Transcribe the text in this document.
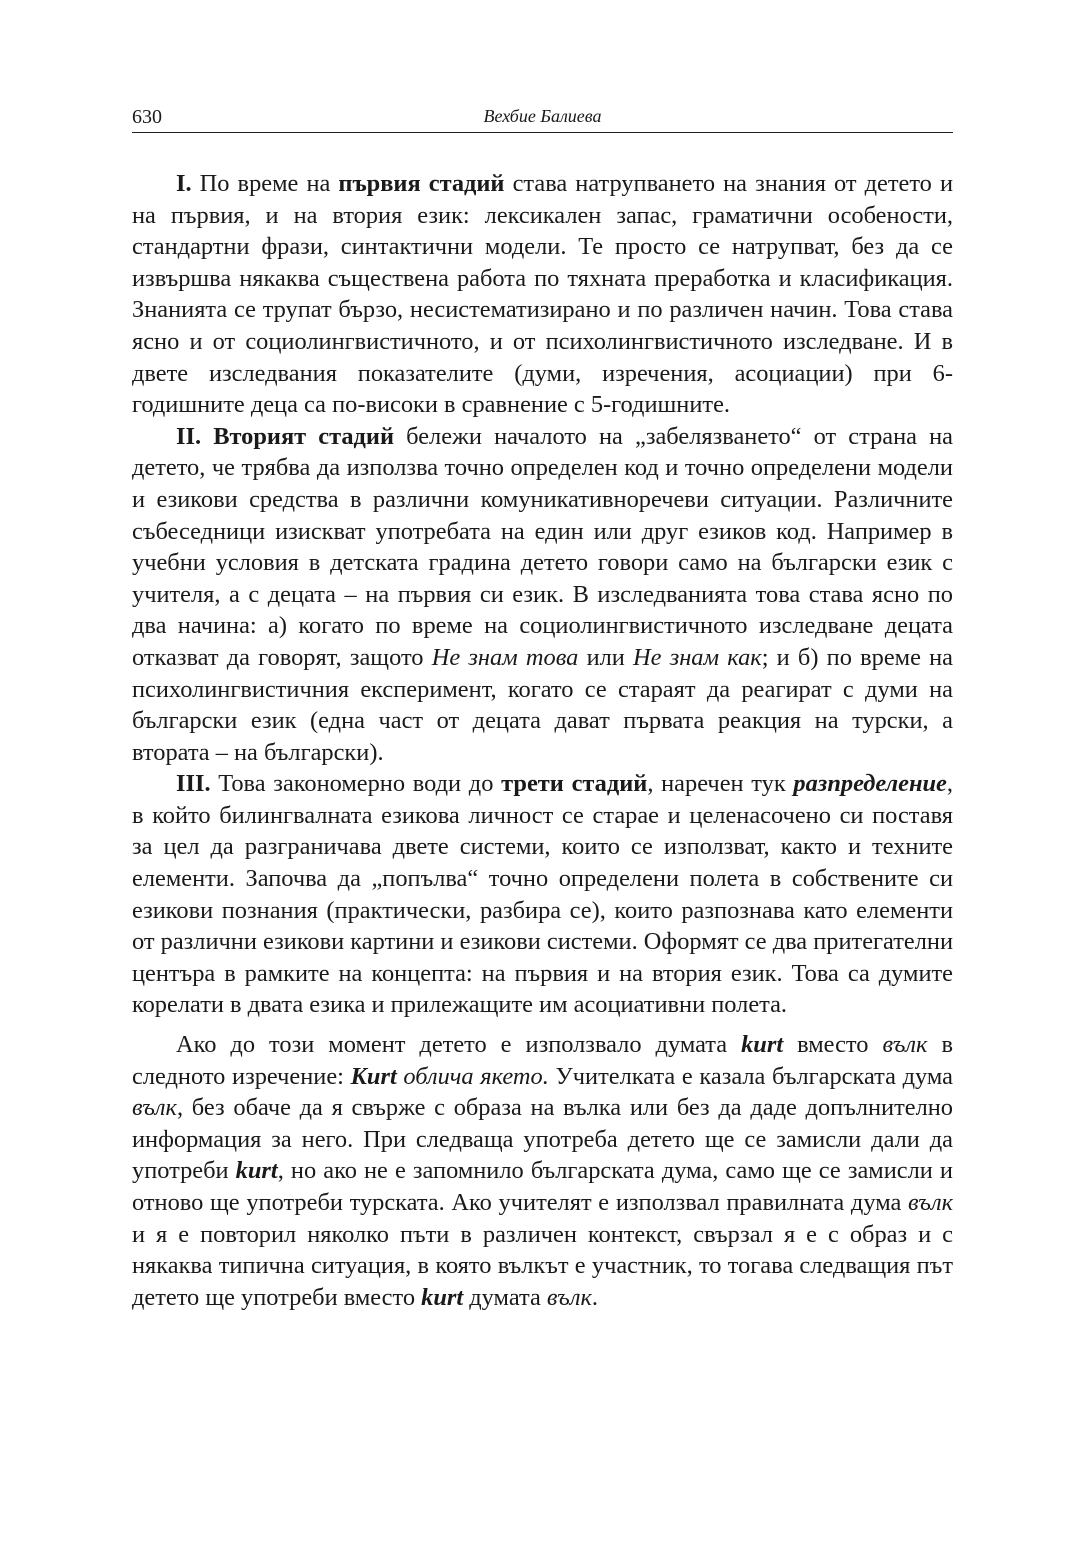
630	Вехбие Балиева

I. По време на първия стадий става натрупването на знания от детето и на първия, и на втория език: лексикален запас, граматични особености, стандартни фрази, синтактични модели. Те просто се натрупват, без да се извършва някаква съществена работа по тяхната преработка и класификация. Знанията се трупат бързо, несистематизирано и по различен начин. Това става ясно и от социолингвистичното, и от психолингвистичното изследване. И в двете изследвания показателите (думи, изречения, асоциации) при 6-годишните деца са по-високи в сравнение с 5-годишните.

II. Вторият стадий бележи началото на „забелязването“ от страна на детето, че трябва да използва точно определен код и точно определени модели и езикови средства в различни комуникативноречеви ситуации. Различните събеседници изискват употребата на един или друг езиков код. Например в учебни условия в детската градина детето говори само на български език с учителя, а с децата – на първия си език. В изследванията това става ясно по два начина: а) когато по време на социолингвистичното изследване децата отказват да говорят, защото Не знам това или Не знам как; и б) по време на психолингвистичния експеримент, когато се стараят да реагират с думи на български език (една част от децата дават първата реакция на турски, а втората – на български).

III. Това закономерно води до трети стадий, наречен тук разпределение, в който билингвалната езикова личност се старае и целенасочено си поставя за цел да разграничава двете системи, които се използват, както и техните елементи. Започва да „попълва“ точно определени полета в собствените си езикови познания (практически, разбира се), които разпознава като елементи от различни езикови картини и езикови системи. Оформят се два притегателни центъра в рамките на концепта: на първия и на втория език. Това са думите корелати в двата езика и прилежащите им асоциативни полета.

Ако до този момент детето е използвало думата kurt вместо вълк в следното изречение: Kurt облича якето. Учителката е казала българската дума вълк, без обаче да я свърже с образа на вълка или без да даде допълнително информация за него. При следваща употреба детето ще се замисли дали да употреби kurt, но ако не е запомнило българската дума, само ще се замисли и отново ще употреби турската. Ако учителят е използвал правилната дума вълк и я е повторил няколко пъти в различен контекст, свързал я е с образ и с някаква типична ситуация, в която вълкът е участник, то тогава следващия път детето ще употреби вместо kurt думата вълк.
